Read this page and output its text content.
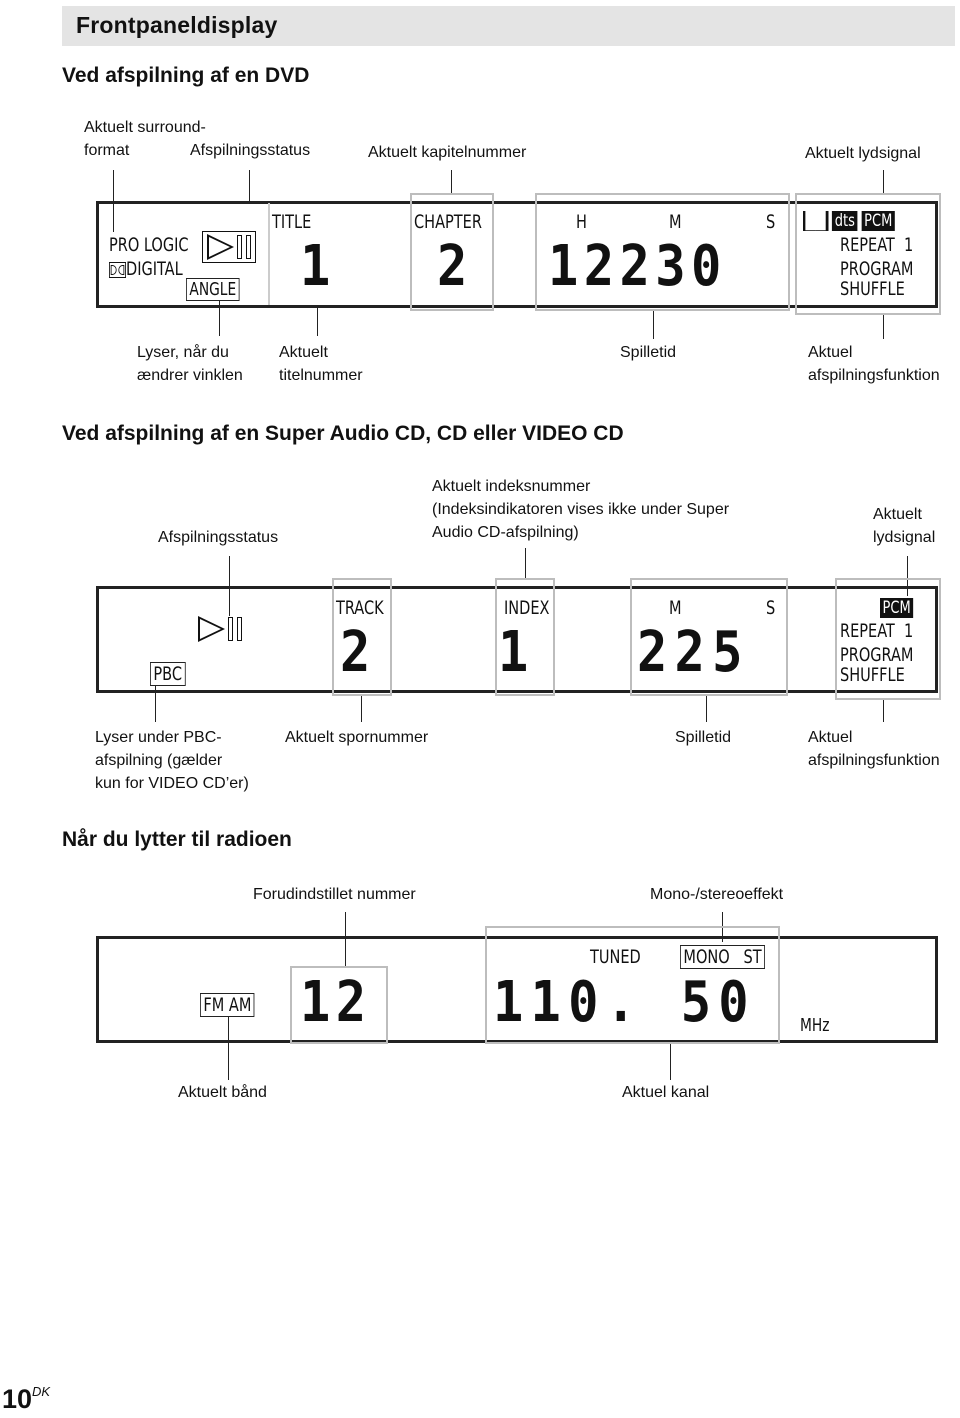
Frontpaneldisplay
Ved afspilning af en DVD
Aktuelt surround-
format	Afspilningsstatus	Aktuelt kapitelnummer	Aktuelt lydsignal
PRO LOGIC
DIGITAL
ANGLE
TITLE
1
CHAPTER
2
H	M	S
12230
██ dts PCM
REPEAT 1
PROGRAM
SHUFFLE
Lyser, når du
ændrer vinklen
Aktuelt
titelnummer
Spilletid	Aktuel
afspilningsfunktion
Ved afspilning af en Super Audio CD, CD eller VIDEO CD
Afspilningsstatus
Aktuelt indeksnummer
(Indeksindikatoren vises ikke under Super
Audio CD-afspilning)
Aktuelt
lydsignal
PBC
TRACK
2
INDEX
1
M	S
225
PCM
REPEAT 1
PROGRAM
SHUFFLE
Lyser under PBC-
afspilning (gælder
kun for VIDEO CD’er)
Aktuelt spornummer	Spilletid	Aktuel
afspilningsfunktion
Når du lytter til radioen
Forudindstillet nummer	Mono-/stereoeffekt
FM AM 12
TUNED MONO ST
110. 50 MHz
Aktuelt bånd	Aktuel kanal
$10^{DK}$
